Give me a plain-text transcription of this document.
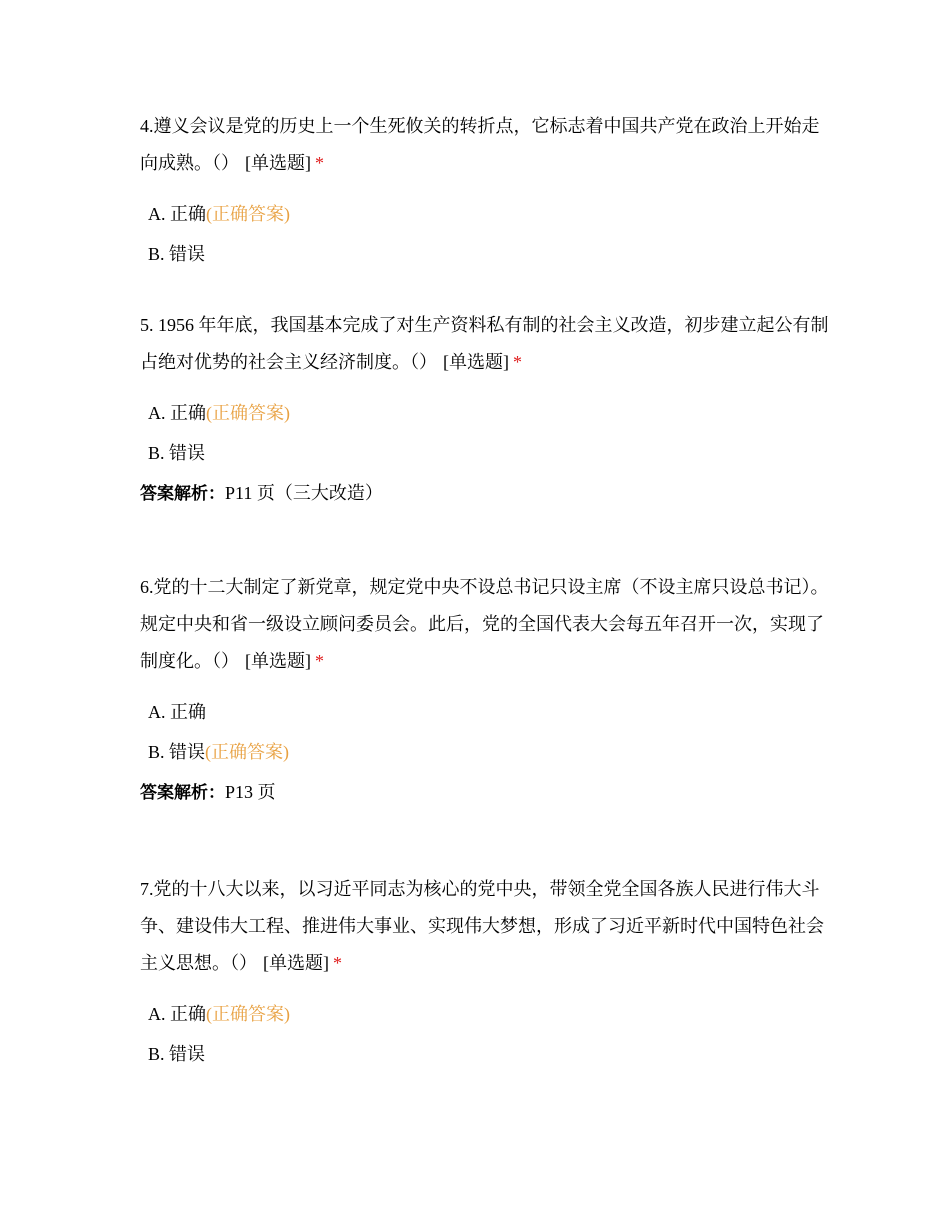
4.遵义会议是党的历史上一个生死攸关的转折点，它标志着中国共产党在政治上开始走向成熟。（） [单选题] *

A. 正确(正确答案)
B. 错误

5. 1956 年年底，我国基本完成了对生产资料私有制的社会主义改造，初步建立起公有制占绝对优势的社会主义经济制度。（） [单选题] *

A. 正确(正确答案)
B. 错误
答案解析：P11 页（三大改造）

6.党的十二大制定了新党章，规定党中央不设总书记只设主席（不设主席只设总书记）。规定中央和省一级设立顾问委员会。此后，党的全国代表大会每五年召开一次，实现了制度化。（） [单选题] *

A. 正确
B. 错误(正确答案)
答案解析：P13 页

7.党的十八大以来，以习近平同志为核心的党中央，带领全党全国各族人民进行伟大斗争、建设伟大工程、推进伟大事业、实现伟大梦想，形成了习近平新时代中国特色社会主义思想。（） [单选题] *

A. 正确(正确答案)
B. 错误
